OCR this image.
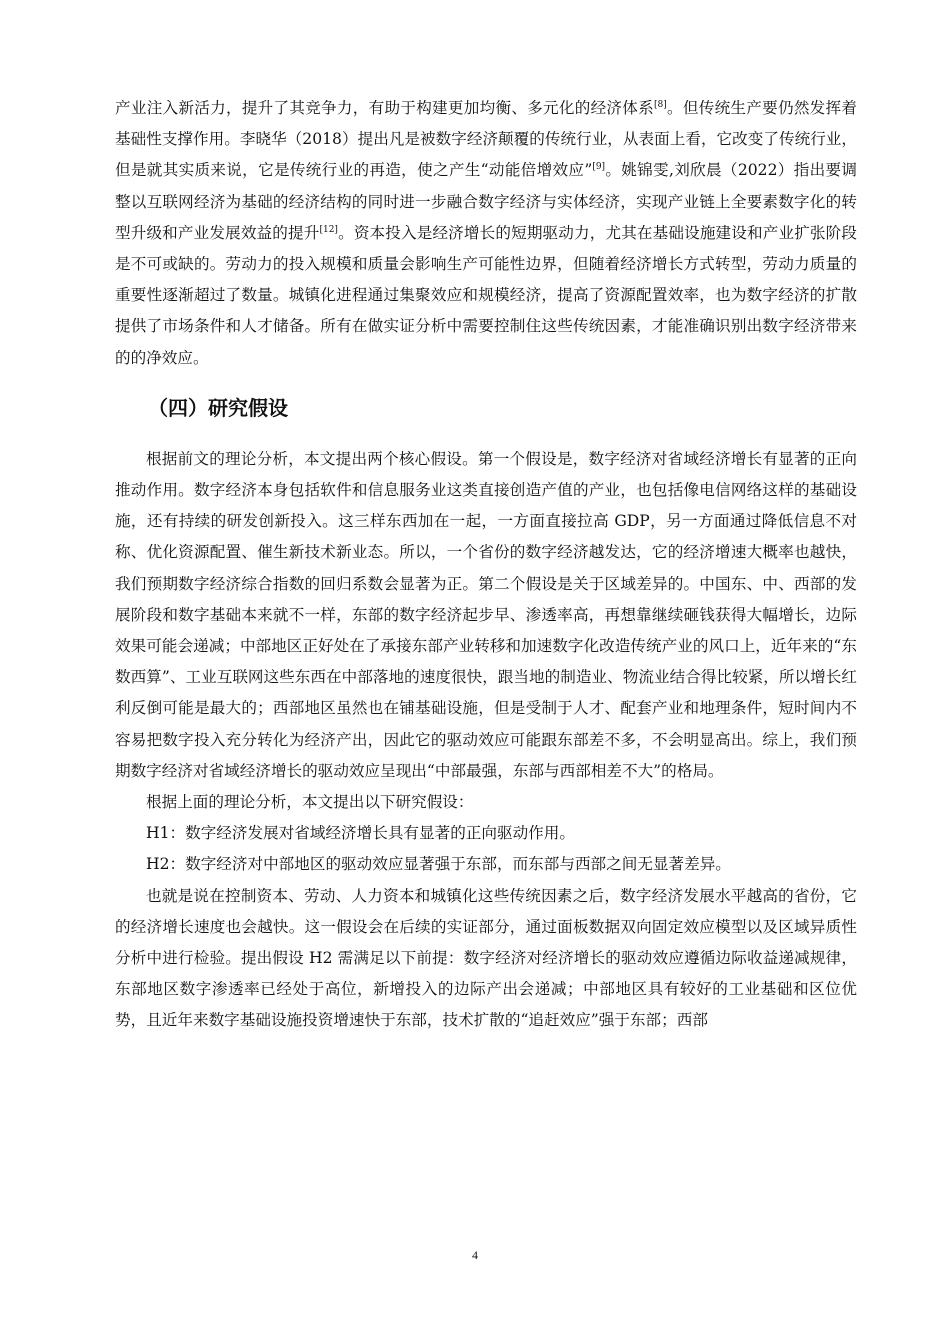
产业注入新活力，提升了其竞争力，有助于构建更加均衡、多元化的经济体系[8]。但传统生产要仍然发挥着基础性支撑作用。李晓华（2018）提出凡是被数字经济颠覆的传统行业，从表面上看，它改变了传统行业，但是就其实质来说，它是传统行业的再造，使之产生“动能倍增效应”[9]。姚锦雯,刘欣晨（2022）指出要调整以互联网经济为基础的经济结构的同时进一步融合数字经济与实体经济，实现产业链上全要素数字化的转型升级和产业发展效益的提升[12]。资本投入是经济增长的短期驱动力，尤其在基础设施建设和产业扩张阶段是不可或缺的。劳动力的投入规模和质量会影响生产可能性边界，但随着经济增长方式转型，劳动力质量的重要性逐渐超过了数量。城镇化进程通过集聚效应和规模经济，提高了资源配置效率，也为数字经济的扩散提供了市场条件和人才储备。所有在做实证分析中需要控制住这些传统因素，才能准确识别出数字经济带来的的净效应。

（四）研究假设

根据前文的理论分析，本文提出两个核心假设。第一个假设是，数字经济对省域经济增长有显著的正向推动作用。数字经济本身包括软件和信息服务业这类直接创造产值的产业，也包括像电信网络这样的基础设施，还有持续的研发创新投入。这三样东西加在一起，一方面直接拉高 GDP，另一方面通过降低信息不对称、优化资源配置、催生新技术新业态。所以，一个省份的数字经济越发达，它的经济增速大概率也越快，我们预期数字经济综合指数的回归系数会显著为正。第二个假设是关于区域差异的。中国东、中、西部的发展阶段和数字基础本来就不一样，东部的数字经济起步早、渗透率高，再想靠继续砸钱获得大幅增长，边际效果可能会递减；中部地区正好处在了承接东部产业转移和加速数字化改造传统产业的风口上，近年来的“东数西算”、工业互联网这些东西在中部落地的速度很快，跟当地的制造业、物流业结合得比较紧，所以增长红利反倒可能是最大的；西部地区虽然也在铺基础设施，但是受制于人才、配套产业和地理条件，短时间内不容易把数字投入充分转化为经济产出，因此它的驱动效应可能跟东部差不多，不会明显高出。综上，我们预期数字经济对省域经济增长的驱动效应呈现出“中部最强，东部与西部相差不大”的格局。

根据上面的理论分析，本文提出以下研究假设：

H1：数字经济发展对省域经济增长具有显著的正向驱动作用。

H2：数字经济对中部地区的驱动效应显著强于东部，而东部与西部之间无显著差异。

也就是说在控制资本、劳动、人力资本和城镇化这些传统因素之后，数字经济发展水平越高的省份，它的经济增长速度也会越快。这一假设会在后续的实证部分，通过面板数据双向固定效应模型以及区域异质性分析中进行检验。提出假设 H2 需满足以下前提：数字经济对经济增长的驱动效应遵循边际收益递减规律，东部地区数字渗透率已经处于高位，新增投入的边际产出会递减；中部地区具有较好的工业基础和区位优势，且近年来数字基础设施投资增速快于东部，技术扩散的“追赶效应”强于东部；西部

4
